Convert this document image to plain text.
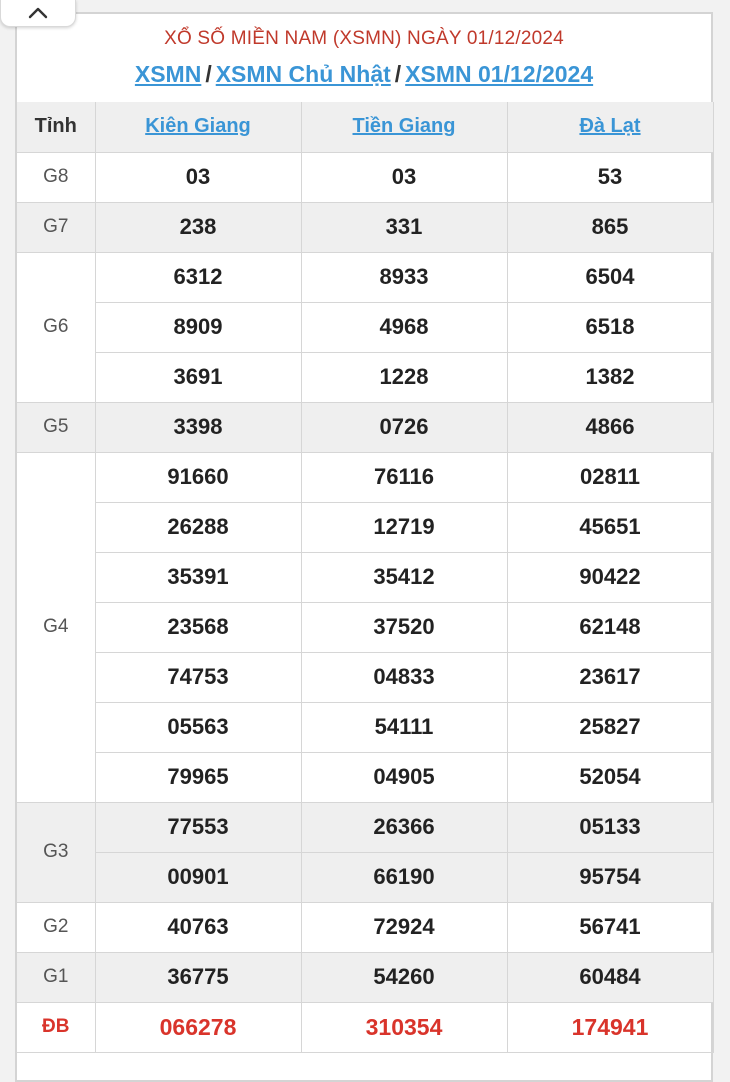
XỔ SỐ MIỀN NAM (XSMN) NGÀY 01/12/2024
XSMN / XSMN Chủ Nhật / XSMN 01/12/2024
Tỉnh	Kiên Giang	Tiền Giang	Đà Lạt
G8	03	03	53
G7	238	331	865
G6	6312	8933	6504
	8909	4968	6518
	3691	1228	1382
G5	3398	0726	4866
G4	91660	76116	02811
	26288	12719	45651
	35391	35412	90422
	23568	37520	62148
	74753	04833	23617
	05563	54111	25827
	79965	04905	52054
G3	77553	26366	05133
	00901	66190	95754
G2	40763	72924	56741
G1	36775	54260	60484
ĐB	066278	310354	174941
